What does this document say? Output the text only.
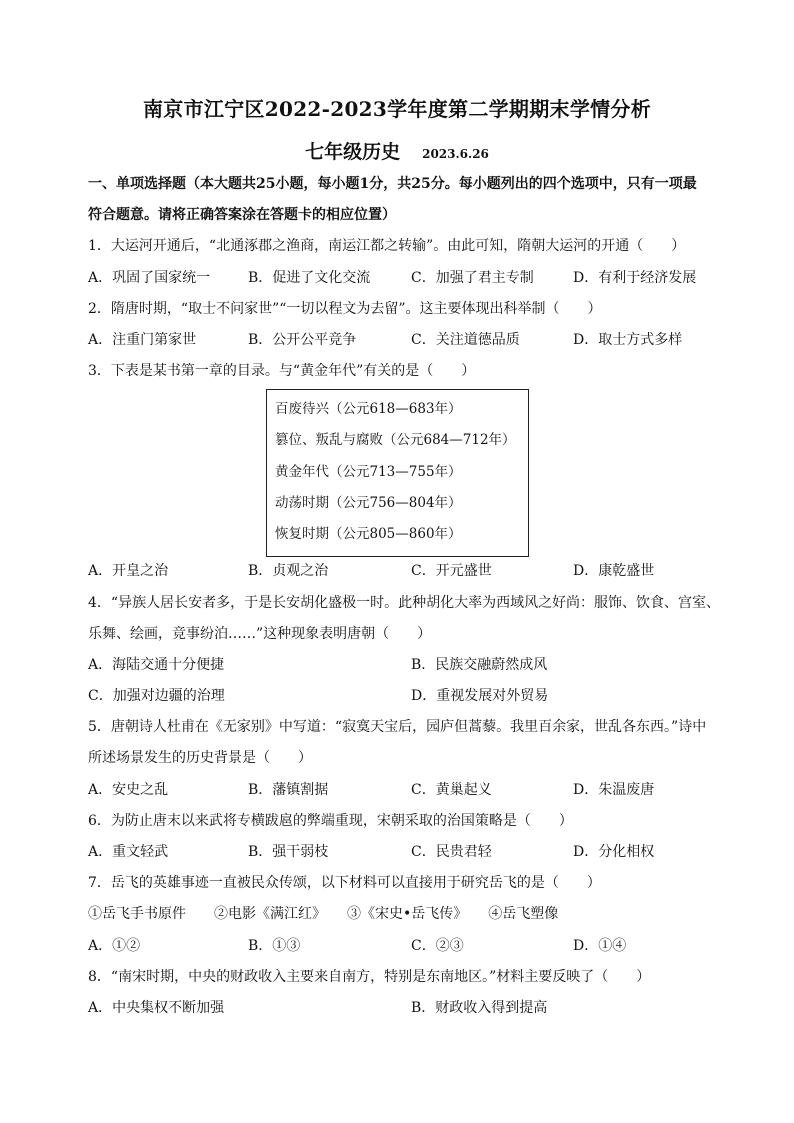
南京市江宁区2022-2023学年度第二学期期末学情分析
七年级历史 2023.6.26
一、单项选择题（本大题共25小题，每小题1分，共25分。每小题列出的四个选项中，只有一项最
符合题意。请将正确答案涂在答题卡的相应位置）
1．大运河开通后，“北通涿郡之渔商，南运江都之转输”。由此可知，隋朝大运河的开通（　　）
A．巩固了国家统一	B．促进了文化交流	C．加强了君主专制	D．有利于经济发展
2．隋唐时期，“取士不问家世”“一切以程文为去留”。这主要体现出科举制（　　）
A．注重门第家世	B．公开公平竞争	C．关注道德品质	D．取士方式多样
3．下表是某书第一章的目录。与“黄金年代”有关的是（　　）
百废待兴（公元618—683年）
篡位、叛乱与腐败（公元684—712年）
黄金年代（公元713—755年）
动荡时期（公元756—804年）
恢复时期（公元805—860年）
A．开皇之治	B．贞观之治	C．开元盛世	D．康乾盛世
4．“异族人居长安者多，于是长安胡化盛极一时。此种胡化大率为西域风之好尚：服饰、饮食、宫室、
乐舞、绘画，竞事纷泊……”这种现象表明唐朝（　　）
A．海陆交通十分便捷	B．民族交融蔚然成风
C．加强对边疆的治理	D．重视发展对外贸易
5．唐朝诗人杜甫在《无家别》中写道：“寂寞天宝后，园庐但蒿藜。我里百余家，世乱各东西。”诗中
所述场景发生的历史背景是（　　）
A．安史之乱	B．藩镇割据	C．黄巢起义	D．朱温废唐
6．为防止唐末以来武将专横跋扈的弊端重现，宋朝采取的治国策略是（　　）
A．重文轻武	B．强干弱枝	C．民贵君轻	D．分化相权
7．岳飞的英雄事迹一直被民众传颂，以下材料可以直接用于研究岳飞的是（　　）
①岳飞手书原件　　②电影《满江红》　　③《宋史•岳飞传》　　④岳飞塑像
A．①②	B．①③	C．②③	D．①④
8．“南宋时期，中央的财政收入主要来自南方，特别是东南地区。”材料主要反映了（　　）
A．中央集权不断加强	B．财政收入得到提高
